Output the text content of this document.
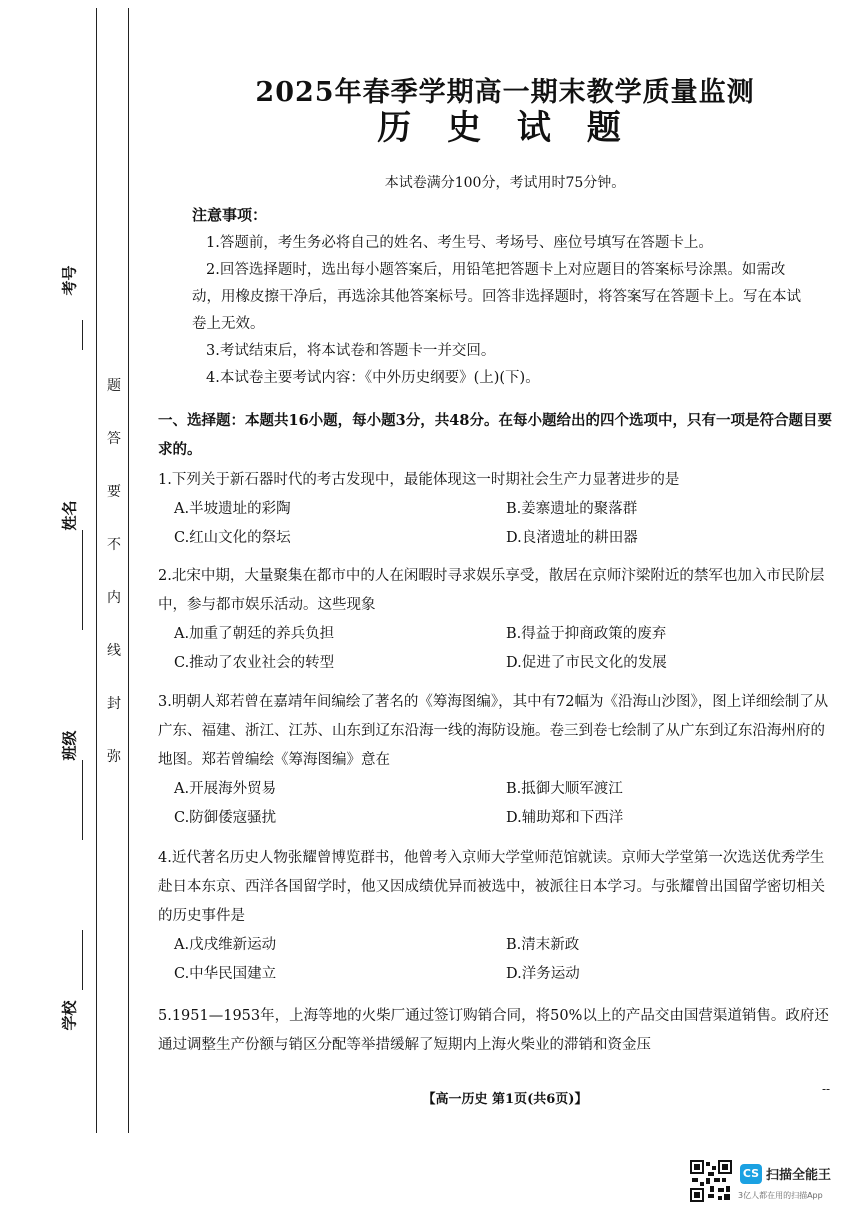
考号
姓名
班级
学校
题
答
要
不
内
线
封
弥
2025年春季学期高一期末教学质量监测
历 史 试 题
本试卷满分100分，考试用时75分钟。
注意事项：
1.答题前，考生务必将自己的姓名、考生号、考场号、座位号填写在答题卡上。
2.回答选择题时，选出每小题答案后，用铅笔把答题卡上对应题目的答案标号涂黑。如需改动，用橡皮擦干净后，再选涂其他答案标号。回答非选择题时，将答案写在答题卡上。写在本试卷上无效。
3.考试结束后，将本试卷和答题卡一并交回。
4.本试卷主要考试内容：《中外历史纲要》(上)(下)。
一、选择题：本题共16小题，每小题3分，共48分。在每小题给出的四个选项中，只有一项是符合题目要求的。
1.下列关于新石器时代的考古发现中，最能体现这一时期社会生产力显著进步的是
A.半坡遗址的彩陶	B.姜寨遗址的聚落群
C.红山文化的祭坛	D.良渚遗址的耕田器
2.北宋中期，大量聚集在都市中的人在闲暇时寻求娱乐享受，散居在京师汴梁附近的禁军也加入市民阶层中，参与都市娱乐活动。这些现象
A.加重了朝廷的养兵负担	B.得益于抑商政策的废弃
C.推动了农业社会的转型	D.促进了市民文化的发展
3.明朝人郑若曾在嘉靖年间编绘了著名的《筹海图编》，其中有72幅为《沿海山沙图》，图上详细绘制了从广东、福建、浙江、江苏、山东到辽东沿海一线的海防设施。卷三到卷七绘制了从广东到辽东沿海州府的地图。郑若曾编绘《筹海图编》意在
A.开展海外贸易	B.抵御大顺军渡江
C.防御倭寇骚扰	D.辅助郑和下西洋
4.近代著名历史人物张耀曾博览群书，他曾考入京师大学堂师范馆就读。京师大学堂第一次选送优秀学生赴日本东京、西洋各国留学时，他又因成绩优异而被选中，被派往日本学习。与张耀曾出国留学密切相关的历史事件是
A.戊戌维新运动	B.清末新政
C.中华民国建立	D.洋务运动
5.1951—1953年，上海等地的火柴厂通过签订购销合同，将50%以上的产品交由国营渠道销售。政府还通过调整生产份额与销区分配等举措缓解了短期内上海火柴业的滞销和资金压
【高一历史 第1页(共6页)】
--
CS 扫描全能王
3亿人都在用的扫描App
